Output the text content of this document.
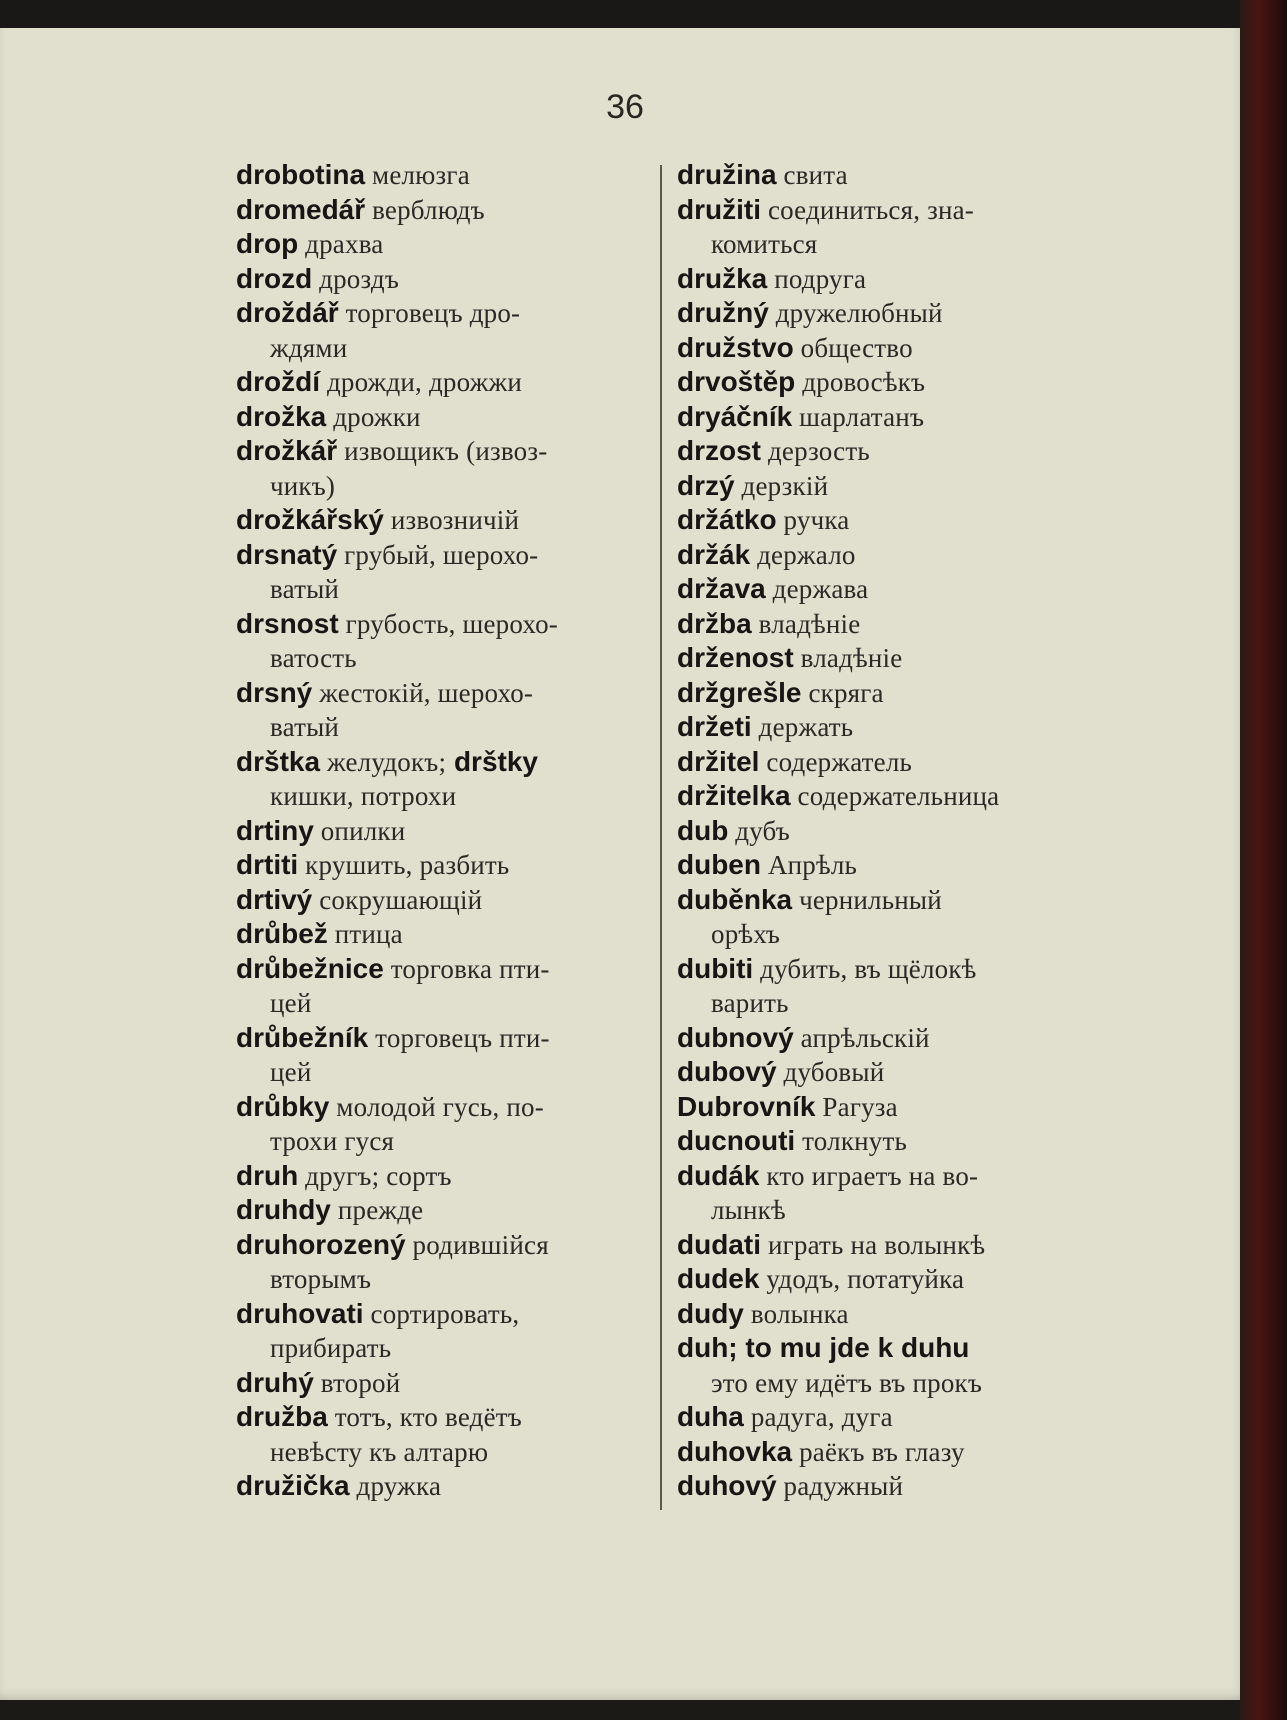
36

drobotina мелюзга

dromedář верблюдъ

drop драхва

drozd дроздъ

droždář торговецъ дро-
ждями

droždí дрожди, дрожжи

drožka дрожки

drožkář извощикъ (извоз-
чикъ)

drožkářský извозничій

drsnatý грубый, шерохо-
ватый

drsnost грубость, шерохо-
ватость

drsný жестокій, шерохо-
ватый

drštka желудокъ; drštky
кишки, потрохи

drtiny опилки

drtiti крушить, разбить

drtivý сокрушающій

drůbež птица

drůbežnice торговка пти-
цей

drůbežník торговецъ пти-
цей

drůbky молодой гусь, по-
трохи гуся

druh другъ; сортъ

druhdy прежде

druhorozený родившійся
вторымъ

druhovati сортировать,
прибирать

druhý второй

družba тотъ, кто ведётъ
невѣсту къ алтарю

družička дружка

družina свита

družiti соединиться, зна-
комиться

družka подруга

družný дружелюбный

družstvo общество

drvoštěp дровосѣкъ

dryáčník шарлатанъ

drzost дерзость

drzý дерзкій

držátko ручка

držák держало

država держава

držba владѣніе

drženost владѣніе

držgrešle скряга

držeti держать

držitel содержатель

držitelka содержательница

dub дубъ

duben Апрѣль

duběnka чернильный
орѣхъ

dubiti дубить, въ щёлокѣ
варить

dubnový апрѣльскій

dubový дубовый

Dubrovník Рагуза

ducnouti толкнуть

dudák кто играетъ на во-
лынкѣ

dudati играть на волынкѣ

dudek удодъ, потатуйка

dudy волынка

duh; to mu jde k duhu
это ему идётъ въ прокъ

duha радуга, дуга

duhovka раёкъ въ глазу

duhový радужный
